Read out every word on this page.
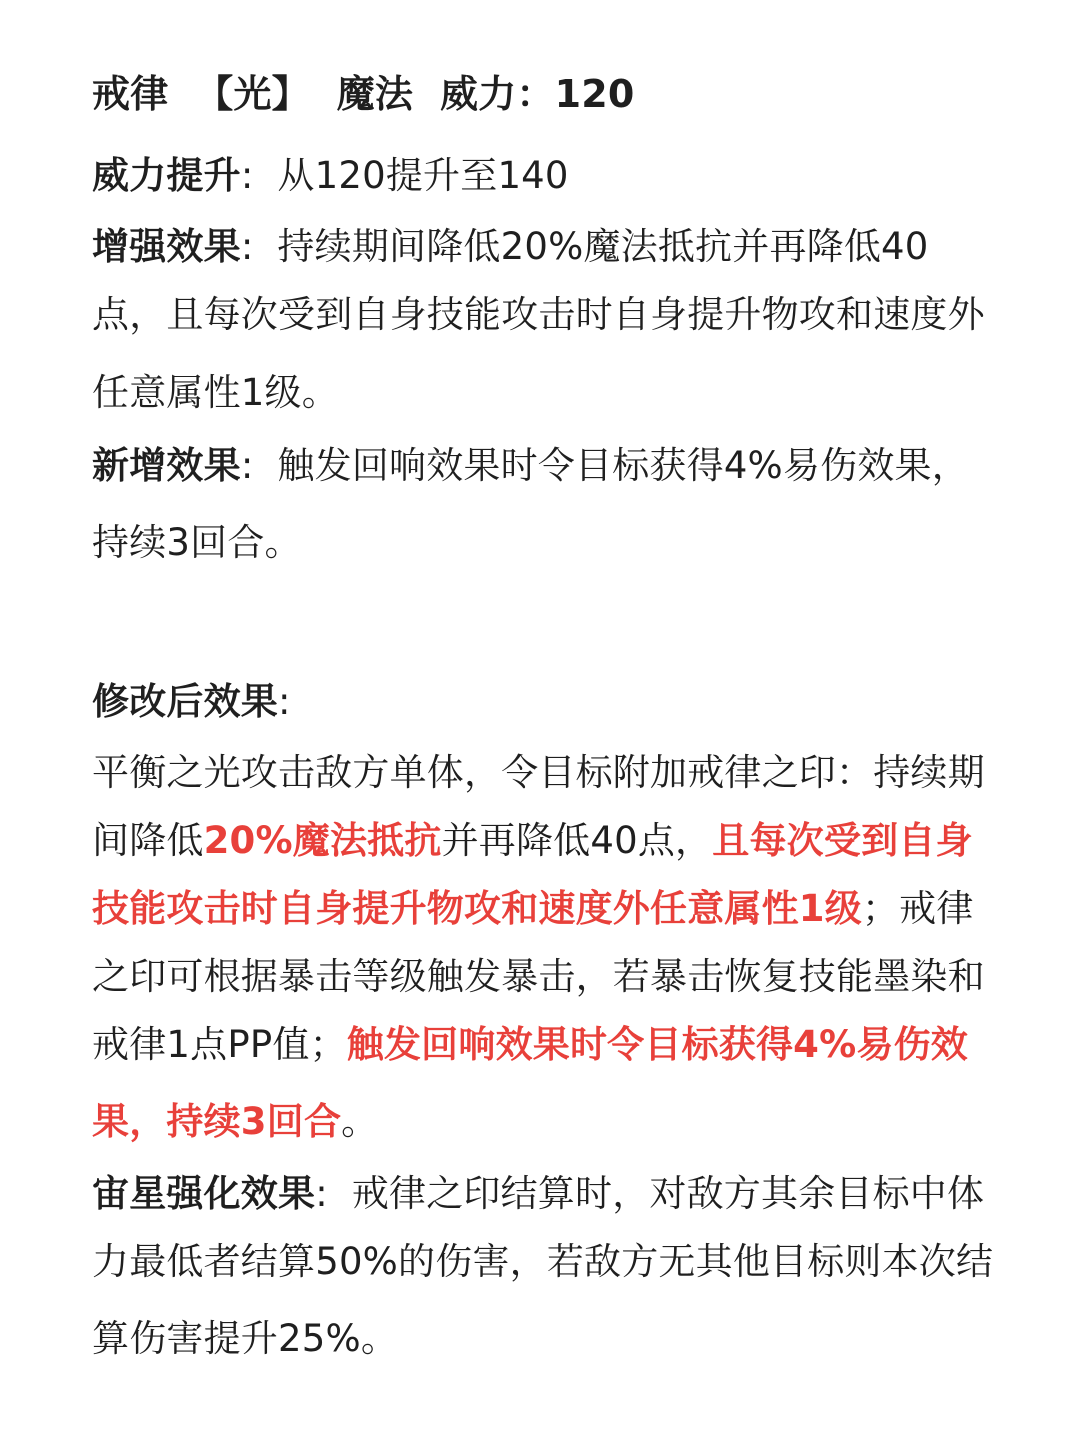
戒律 【光】 魔法 威力：120
威力提升: 从120提升至140
增强效果: 持续期间降低20%魔法抵抗并再降低40
点，且每次受到自身技能攻击时自身提升物攻和速度外
任意属性1级。
新增效果: 触发回响效果时令目标获得4%易伤效果，
持续3回合。
修改后效果:
平衡之光攻击敌方单体，令目标附加戒律之印：持续期
间降低20%魔法抵抗并再降低40点，且每次受到自身
技能攻击时自身提升物攻和速度外任意属性1级；戒律
之印可根据暴击等级触发暴击，若暴击恢复技能墨染和
戒律1点PP值；触发回响效果时令目标获得4%易伤效
果，持续3回合。
宙星强化效果: 戒律之印结算时，对敌方其余目标中体
力最低者结算50%的伤害，若敌方无其他目标则本次结
算伤害提升25%。
